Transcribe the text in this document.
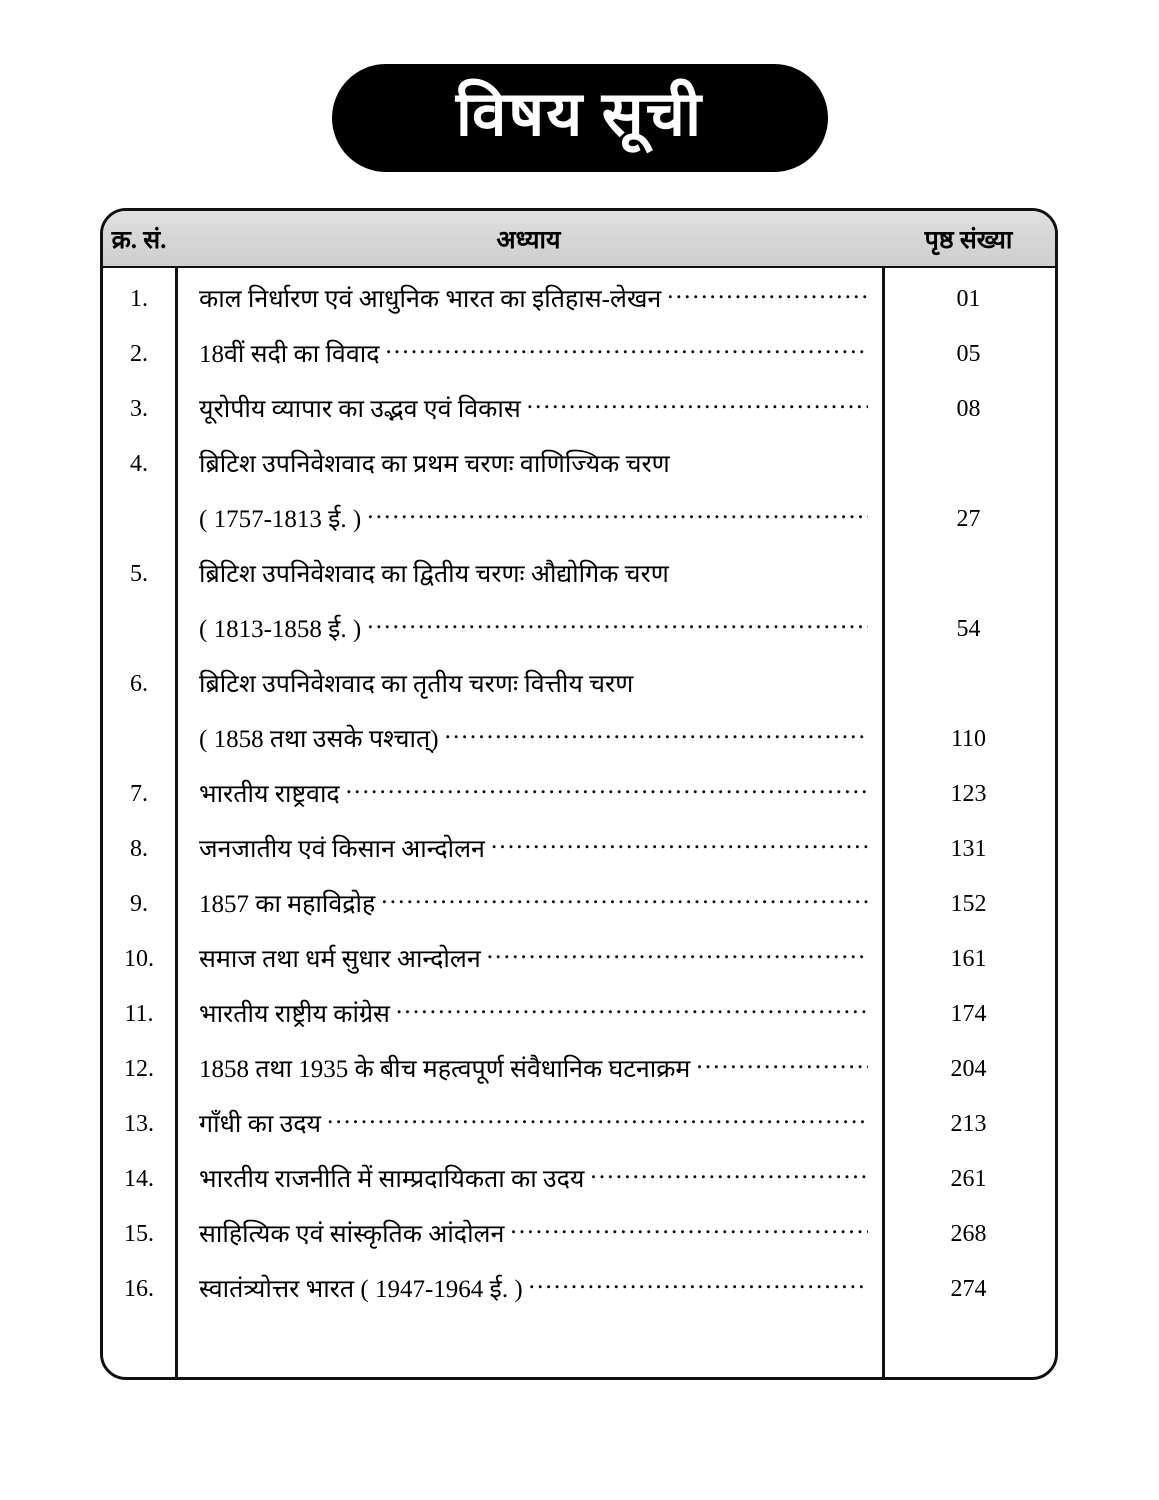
विषय सूची
क्र. सं.	अध्याय	पृष्ठ संख्या
1.	काल निर्धारण एवं आधुनिक भारत का इतिहास-लेखन .....	01
2.	18वीं सदी का विवाद .....	05
3.	यूरोपीय व्यापार का उद्भव एवं विकास .....	08
4.	ब्रिटिश उपनिवेशवाद का प्रथम चरणः वाणिज्यिक चरण
( 1757-1813 ई. ) .....	27
5.	ब्रिटिश उपनिवेशवाद का द्वितीय चरणः औद्योगिक चरण
( 1813-1858 ई. ) .....	54
6.	ब्रिटिश उपनिवेशवाद का तृतीय चरणः वित्तीय चरण
( 1858 तथा उसके पश्चात्) .....	110
7.	भारतीय राष्ट्रवाद .....	123
8.	जनजातीय एवं किसान आन्दोलन .....	131
9.	1857 का महाविद्रोह .....	152
10.	समाज तथा धर्म सुधार आन्दोलन .....	161
11.	भारतीय राष्ट्रीय कांग्रेस .....	174
12.	1858 तथा 1935 के बीच महत्वपूर्ण संवैधानिक घटनाक्रम .....	204
13.	गाँधी का उदय .....	213
14.	भारतीय राजनीति में साम्प्रदायिकता का उदय .....	261
15.	साहित्यिक एवं सांस्कृतिक आंदोलन .....	268
16.	स्वातंत्र्योत्तर भारत ( 1947-1964 ई. ) .....	274
